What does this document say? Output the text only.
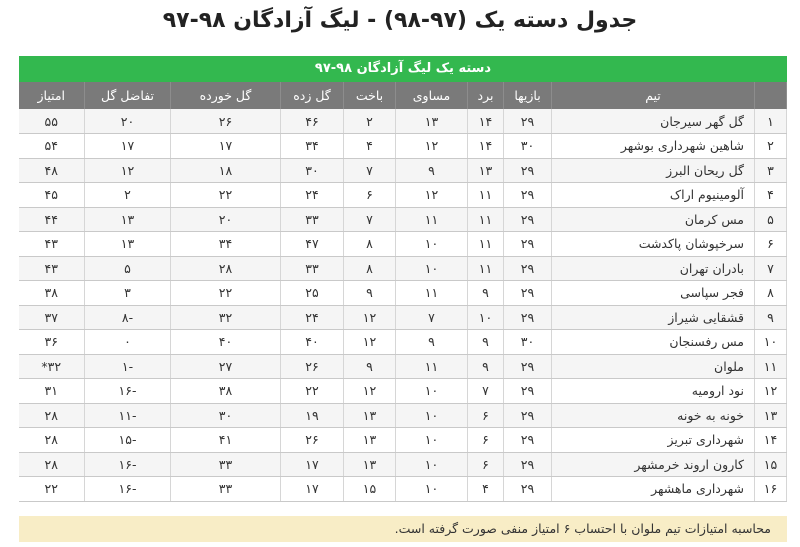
جدول دسته یک (۹۷-۹۸) - لیگ آزادگان ۹۸-۹۷
دسته یک لیگ آزادگان ۹۸-۹۷
	تیم	بازیها	برد	مساوی	باخت	گل زده	گل خورده	تفاضل گل	امتیاز
۱	گل گهر سیرجان	۲۹	۱۴	۱۳	۲	۴۶	۲۶	۲۰	۵۵
۲	شاهین شهرداری بوشهر	۳۰	۱۴	۱۲	۴	۳۴	۱۷	۱۷	۵۴
۳	گل ریحان البرز	۲۹	۱۳	۹	۷	۳۰	۱۸	۱۲	۴۸
۴	آلومینیوم اراک	۲۹	۱۱	۱۲	۶	۲۴	۲۲	۲	۴۵
۵	مس کرمان	۲۹	۱۱	۱۱	۷	۳۳	۲۰	۱۳	۴۴
۶	سرخپوشان پاکدشت	۲۹	۱۱	۱۰	۸	۴۷	۳۴	۱۳	۴۳
۷	بادران تهران	۲۹	۱۱	۱۰	۸	۳۳	۲۸	۵	۴۳
۸	فجر سپاسی	۲۹	۹	۱۱	۹	۲۵	۲۲	۳	۳۸
۹	قشقایی شیراز	۲۹	۱۰	۷	۱۲	۲۴	۳۲	-۸	۳۷
۱۰	مس رفسنجان	۳۰	۹	۹	۱۲	۴۰	۴۰	۰	۳۶
۱۱	ملوان	۲۹	۹	۱۱	۹	۲۶	۲۷	-۱	۳۲*
۱۲	نود ارومیه	۲۹	۷	۱۰	۱۲	۲۲	۳۸	-۱۶	۳۱
۱۳	خونه به خونه	۲۹	۶	۱۰	۱۳	۱۹	۳۰	-۱۱	۲۸
۱۴	شهرداری تبریز	۲۹	۶	۱۰	۱۳	۲۶	۴۱	-۱۵	۲۸
۱۵	کارون اروند خرمشهر	۲۹	۶	۱۰	۱۳	۱۷	۳۳	-۱۶	۲۸
۱۶	شهرداری ماهشهر	۲۹	۴	۱۰	۱۵	۱۷	۳۳	-۱۶	۲۲
محاسبه امتیازات تیم ملوان با احتساب ۶ امتیاز منفی صورت گرفته است.
